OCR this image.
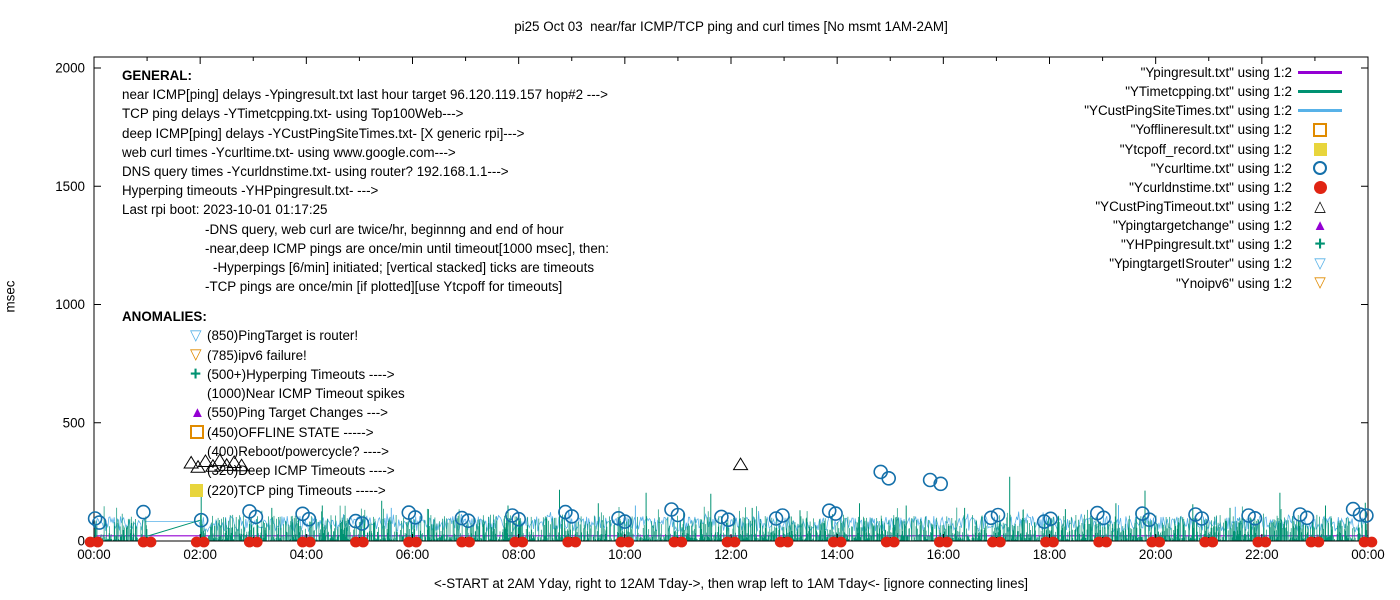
00:00	02:00	04:00	06:00	08:00	10:00	12:00	14:00	16:00	18:00	20:00	22:00	00:00
0
500
1000
1500
2000
pi25 Oct 03  near/far ICMP/TCP ping and curl times [No msmt 1AM-2AM]
msec
<-START at 2AM Yday, right to 12AM Tday->, then wrap left to 1AM Tday<- [ignore connecting lines]
GENERAL:
near ICMP[ping] delays -Ypingresult.txt last hour target 96.120.119.157 hop#2 --->
TCP ping delays -YTimetcpping.txt- using Top100Web--->
deep ICMP[ping] delays -YCustPingSiteTimes.txt- [X generic rpi]--->
web curl times -Ycurltime.txt- using www.google.com--->
DNS query times -Ycurldnstime.txt- using router? 192.168.1.1--->
Hyperping timeouts -YHPpingresult.txt- --->
Last rpi boot: 2023-10-01 01:17:25
-DNS query, web curl are twice/hr, beginnng and end of hour
-near,deep ICMP pings are once/min until timeout[1000 msec], then:
-Hyperpings [6/min] initiated; [vertical stacked] ticks are timeouts
-TCP pings are once/min [if plotted][use Ytcpoff for timeouts]
ANOMALIES:
▽ (850)PingTarget is router!
▽ (785)ipv6 failure!
+ (500+)Hyperping Timeouts ---->
(1000)Near ICMP Timeout spikes
▲ (550)Ping Target Changes --->
(450)OFFLINE STATE ----->
(400)Reboot/powercycle? ---->
(320)Deep ICMP Timeouts ---->
(220)TCP ping Timeouts ----->
"Ypingresult.txt" using 1:2
"YTimetcpping.txt" using 1:2
"YCustPingSiteTimes.txt" using 1:2
"Yofflineresult.txt" using 1:2
"Ytcpoff_record.txt" using 1:2
"Ycurltime.txt" using 1:2
"Ycurldnstime.txt" using 1:2
"YCustPingTimeout.txt" using 1:2 △
"Ypingtargetchange" using 1:2 ▲
"YHPpingresult.txt" using 1:2 +
"YpingtargetISrouter" using 1:2 ▽
"Ynoipv6" using 1:2 ▽
